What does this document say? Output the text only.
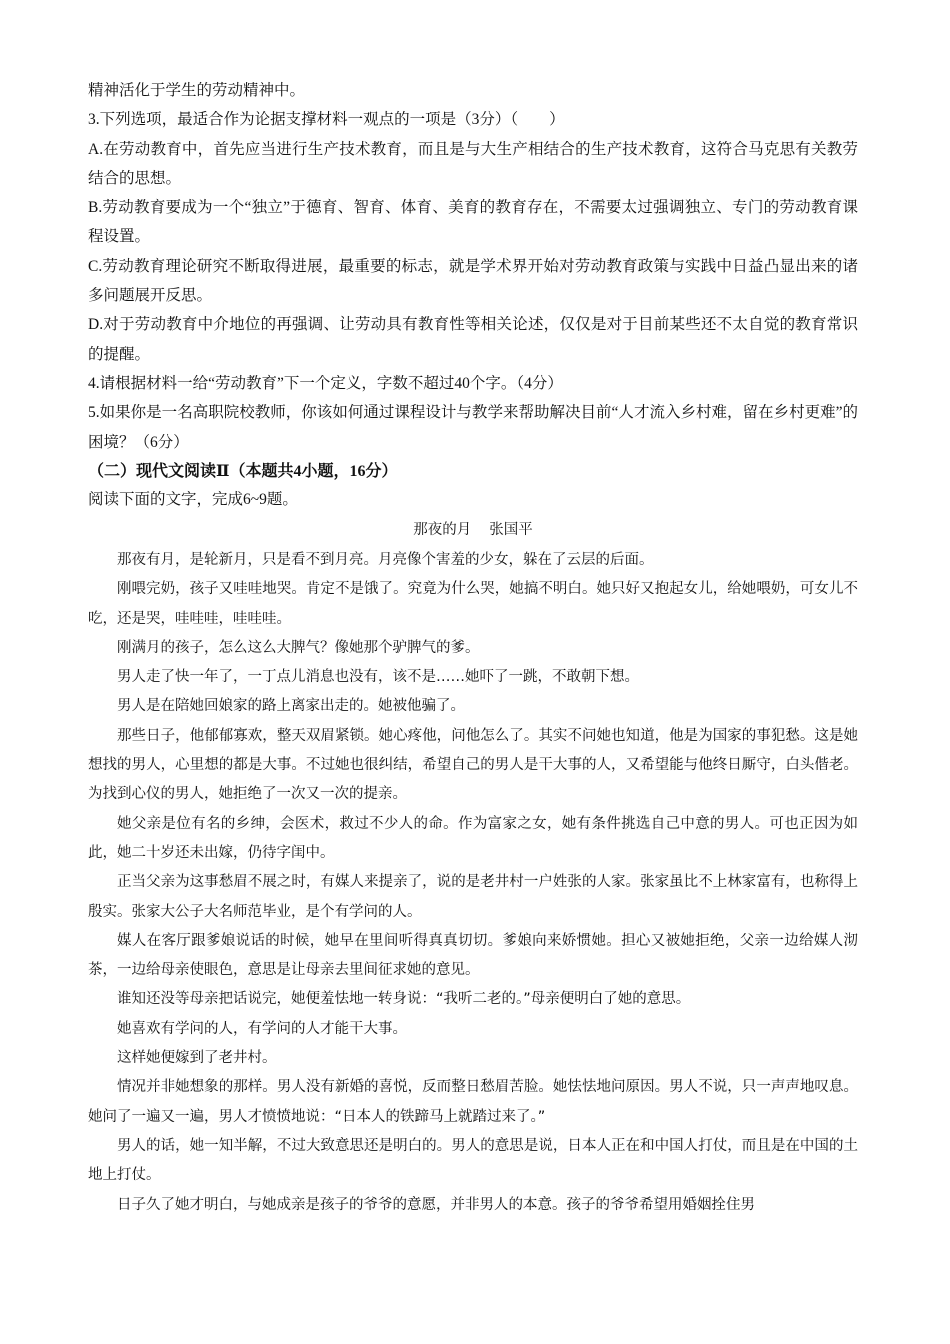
精神活化于学生的劳动精神中。

3.下列选项，最适合作为论据支撑材料一观点的一项是（3分）（　　）

A.在劳动教育中，首先应当进行生产技术教育，而且是与大生产相结合的生产技术教育，这符合马克思有关教劳结合的思想。

B.劳动教育要成为一个“独立”于德育、智育、体育、美育的教育存在，不需要太过强调独立、专门的劳动教育课程设置。

C.劳动教育理论研究不断取得进展，最重要的标志，就是学术界开始对劳动教育政策与实践中日益凸显出来的诸多问题展开反思。

D.对于劳动教育中介地位的再强调、让劳动具有教育性等相关论述，仅仅是对于目前某些还不太自觉的教育常识的提醒。

4.请根据材料一给“劳动教育”下一个定义，字数不超过40个字。（4分）

5.如果你是一名高职院校教师，你该如何通过课程设计与教学来帮助解决目前“人才流入乡村难，留在乡村更难”的困境？（6分）

（二）现代文阅读Ⅱ（本题共4小题，16分）

阅读下面的文字，完成6~9题。

那夜的月 张国平

那夜有月，是轮新月，只是看不到月亮。月亮像个害羞的少女，躲在了云层的后面。

刚喂完奶，孩子又哇哇地哭。肯定不是饿了。究竟为什么哭，她搞不明白。她只好又抱起女儿，给她喂奶，可女儿不吃，还是哭，哇哇哇，哇哇哇。

刚满月的孩子，怎么这么大脾气？像她那个驴脾气的爹。

男人走了快一年了，一丁点儿消息也没有，该不是……她吓了一跳，不敢朝下想。

男人是在陪她回娘家的路上离家出走的。她被他骗了。

那些日子，他郁郁寡欢，整天双眉紧锁。她心疼他，问他怎么了。其实不问她也知道，他是为国家的事犯愁。这是她想找的男人，心里想的都是大事。不过她也很纠结，希望自己的男人是干大事的人，又希望能与他终日厮守，白头偕老。为找到心仪的男人，她拒绝了一次又一次的提亲。

她父亲是位有名的乡绅，会医术，救过不少人的命。作为富家之女，她有条件挑选自己中意的男人。可也正因为如此，她二十岁还未出嫁，仍待字闺中。

正当父亲为这事愁眉不展之时，有媒人来提亲了，说的是老井村一户姓张的人家。张家虽比不上林家富有，也称得上殷实。张家大公子大名师范毕业，是个有学问的人。

媒人在客厅跟爹娘说话的时候，她早在里间听得真真切切。爹娘向来娇惯她。担心又被她拒绝，父亲一边给媒人沏茶，一边给母亲使眼色，意思是让母亲去里间征求她的意见。

谁知还没等母亲把话说完，她便羞怯地一转身说：“我听二老的。”母亲便明白了她的意思。

她喜欢有学问的人，有学问的人才能干大事。

这样她便嫁到了老井村。

情况并非她想象的那样。男人没有新婚的喜悦，反而整日愁眉苦脸。她怯怯地问原因。男人不说，只一声声地叹息。她问了一遍又一遍，男人才愤愤地说：“日本人的铁蹄马上就踏过来了。”

男人的话，她一知半解，不过大致意思还是明白的。男人的意思是说，日本人正在和中国人打仗，而且是在中国的土地上打仗。

日子久了她才明白，与她成亲是孩子的爷爷的意愿，并非男人的本意。孩子的爷爷希望用婚姻拴住男
